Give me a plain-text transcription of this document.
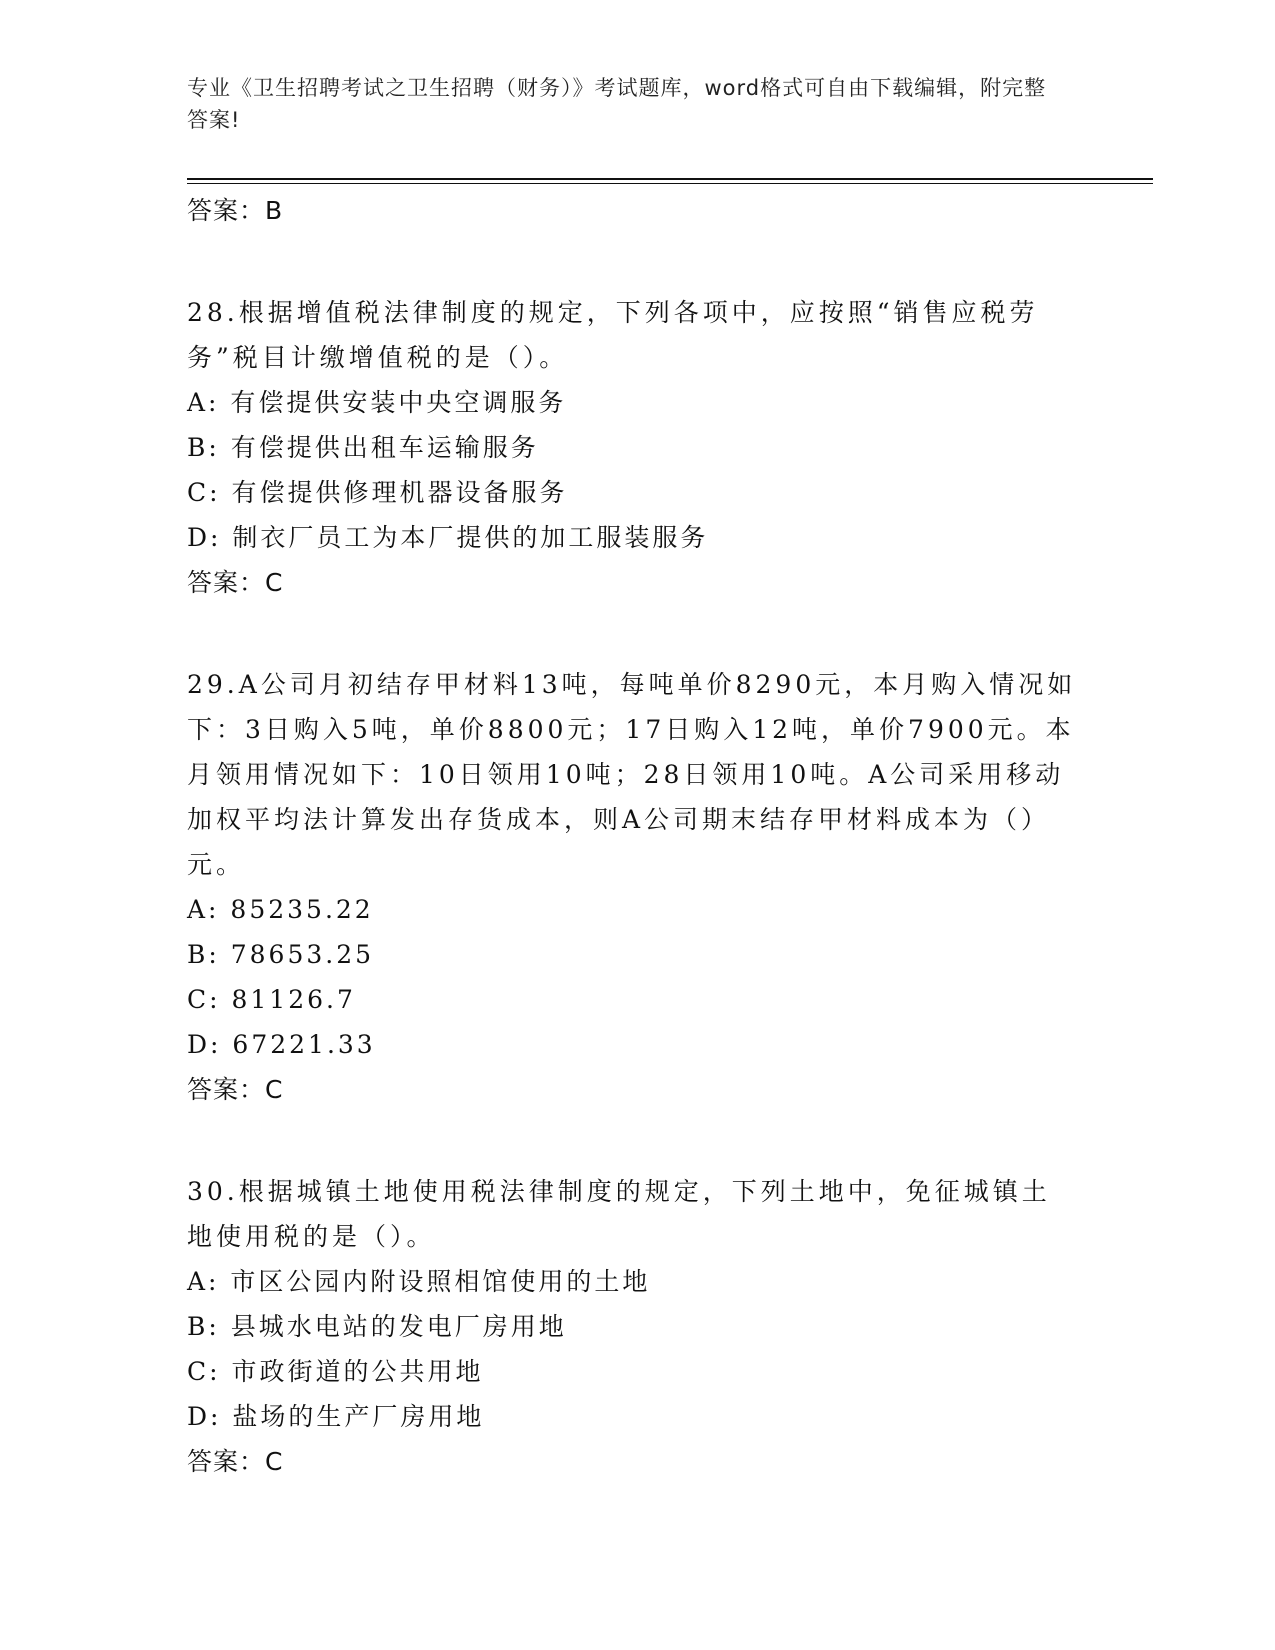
专业《卫生招聘考试之卫生招聘（财务）》考试题库，word格式可自由下载编辑，附完整答案!
答案：B
28.根据增值税法律制度的规定，下列各项中，应按照“销售应税劳务”税目计缴增值税的是（）。
A: 有偿提供安装中央空调服务
B: 有偿提供出租车运输服务
C: 有偿提供修理机器设备服务
D: 制衣厂员工为本厂提供的加工服装服务
答案：C
29.A公司月初结存甲材料13吨，每吨单价8290元，本月购入情况如下：3日购入5吨，单价8800元；17日购入12吨，单价7900元。本月领用情况如下：10日领用10吨；28日领用10吨。A公司采用移动加权平均法计算发出存货成本，则A公司期末结存甲材料成本为（）元。
A: 85235.22
B: 78653.25
C: 81126.7
D: 67221.33
答案：C
30.根据城镇土地使用税法律制度的规定，下列土地中，免征城镇土地使用税的是（）。
A: 市区公园内附设照相馆使用的土地
B: 县城水电站的发电厂房用地
C: 市政街道的公共用地
D: 盐场的生产厂房用地
答案：C
